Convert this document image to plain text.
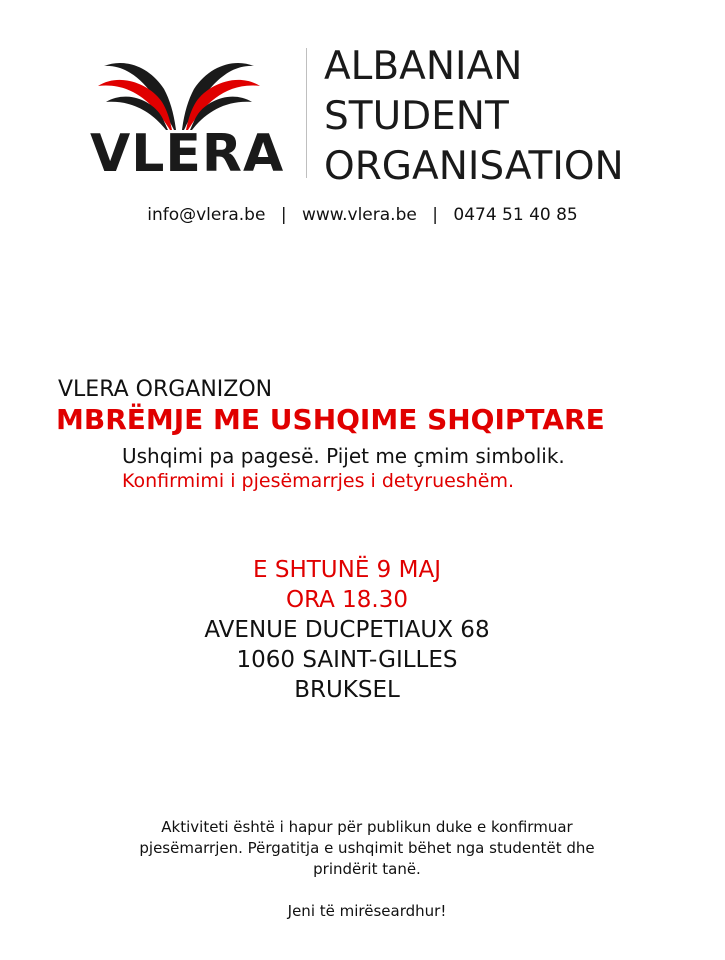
VLERA
ALBANIAN
STUDENT
ORGANISATION
info@vlera.be | www.vlera.be | 0474 51 40 85
VLERA ORGANIZON
MBRËMJE ME USHQIME SHQIPTARE
Ushqimi pa pagesë. Pijet me çmim simbolik.
Konfirmimi i pjesëmarrjes i detyrueshëm.
E SHTUNË 9 MAJ
ORA 18.30
AVENUE DUCPETIAUX 68
1060 SAINT-GILLES
BRUKSEL
Aktiviteti është i hapur për publikun duke e konfirmuar
pjesëmarrjen. Përgatitja e ushqimit bëhet nga studentët dhe
prindërit tanë.
Jeni të mirëseardhur!
